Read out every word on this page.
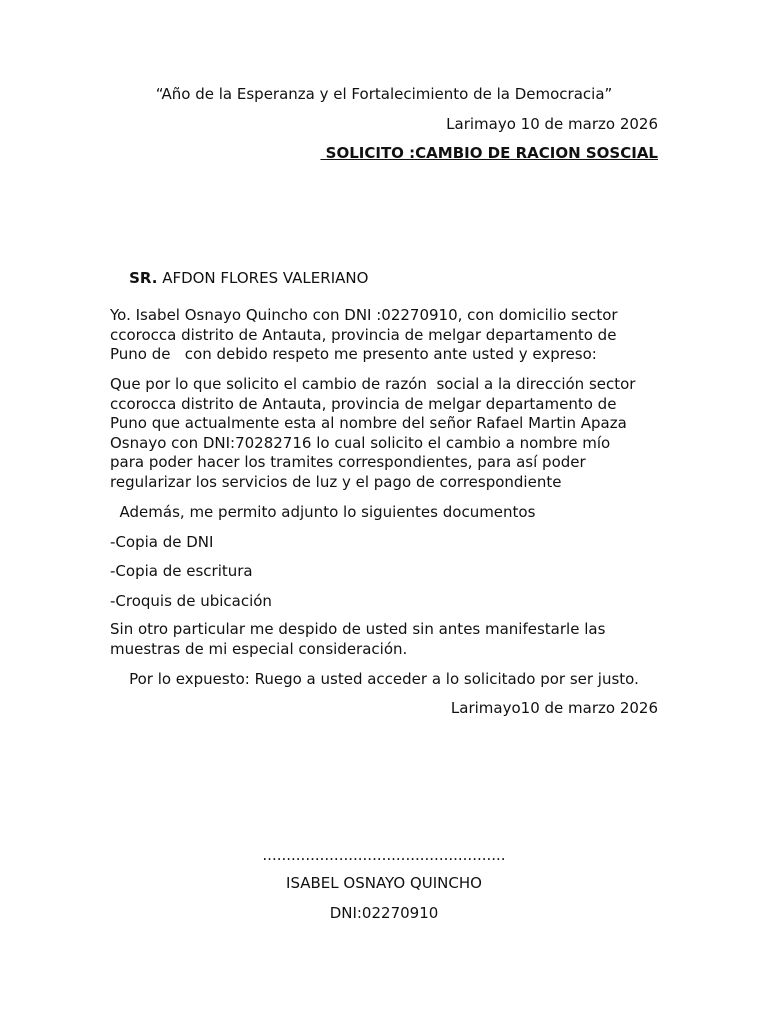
“Año de la Esperanza y el Fortalecimiento de la Democracia”
Larimayo 10 de marzo 2026
SOLICITO :CAMBIO DE RACION SOSCIAL

SR. AFDON FLORES VALERIANO

Yo. Isabel Osnayo Quincho con DNI :02270910, con domicilio sector
ccorocca distrito de Antauta, provincia de melgar departamento de
Puno de   con debido respeto me presento ante usted y expreso:
Que por lo que solicito el cambio de razón  social a la dirección sector
ccorocca distrito de Antauta, provincia de melgar departamento de
Puno que actualmente esta al nombre del señor Rafael Martin Apaza
Osnayo con DNI:70282716 lo cual solicito el cambio a nombre mío
para poder hacer los tramites correspondientes, para así poder
regularizar los servicios de luz y el pago de correspondiente
Además, me permito adjunto lo siguientes documentos
-Copia de DNI
-Copia de escritura
-Croquis de ubicación
Sin otro particular me despido de usted sin antes manifestarle las
muestras de mi especial consideración.
Por lo expuesto: Ruego a usted acceder a lo solicitado por ser justo.
Larimayo10 de marzo 2026
...................................................
ISABEL OSNAYO QUINCHO
DNI:02270910
